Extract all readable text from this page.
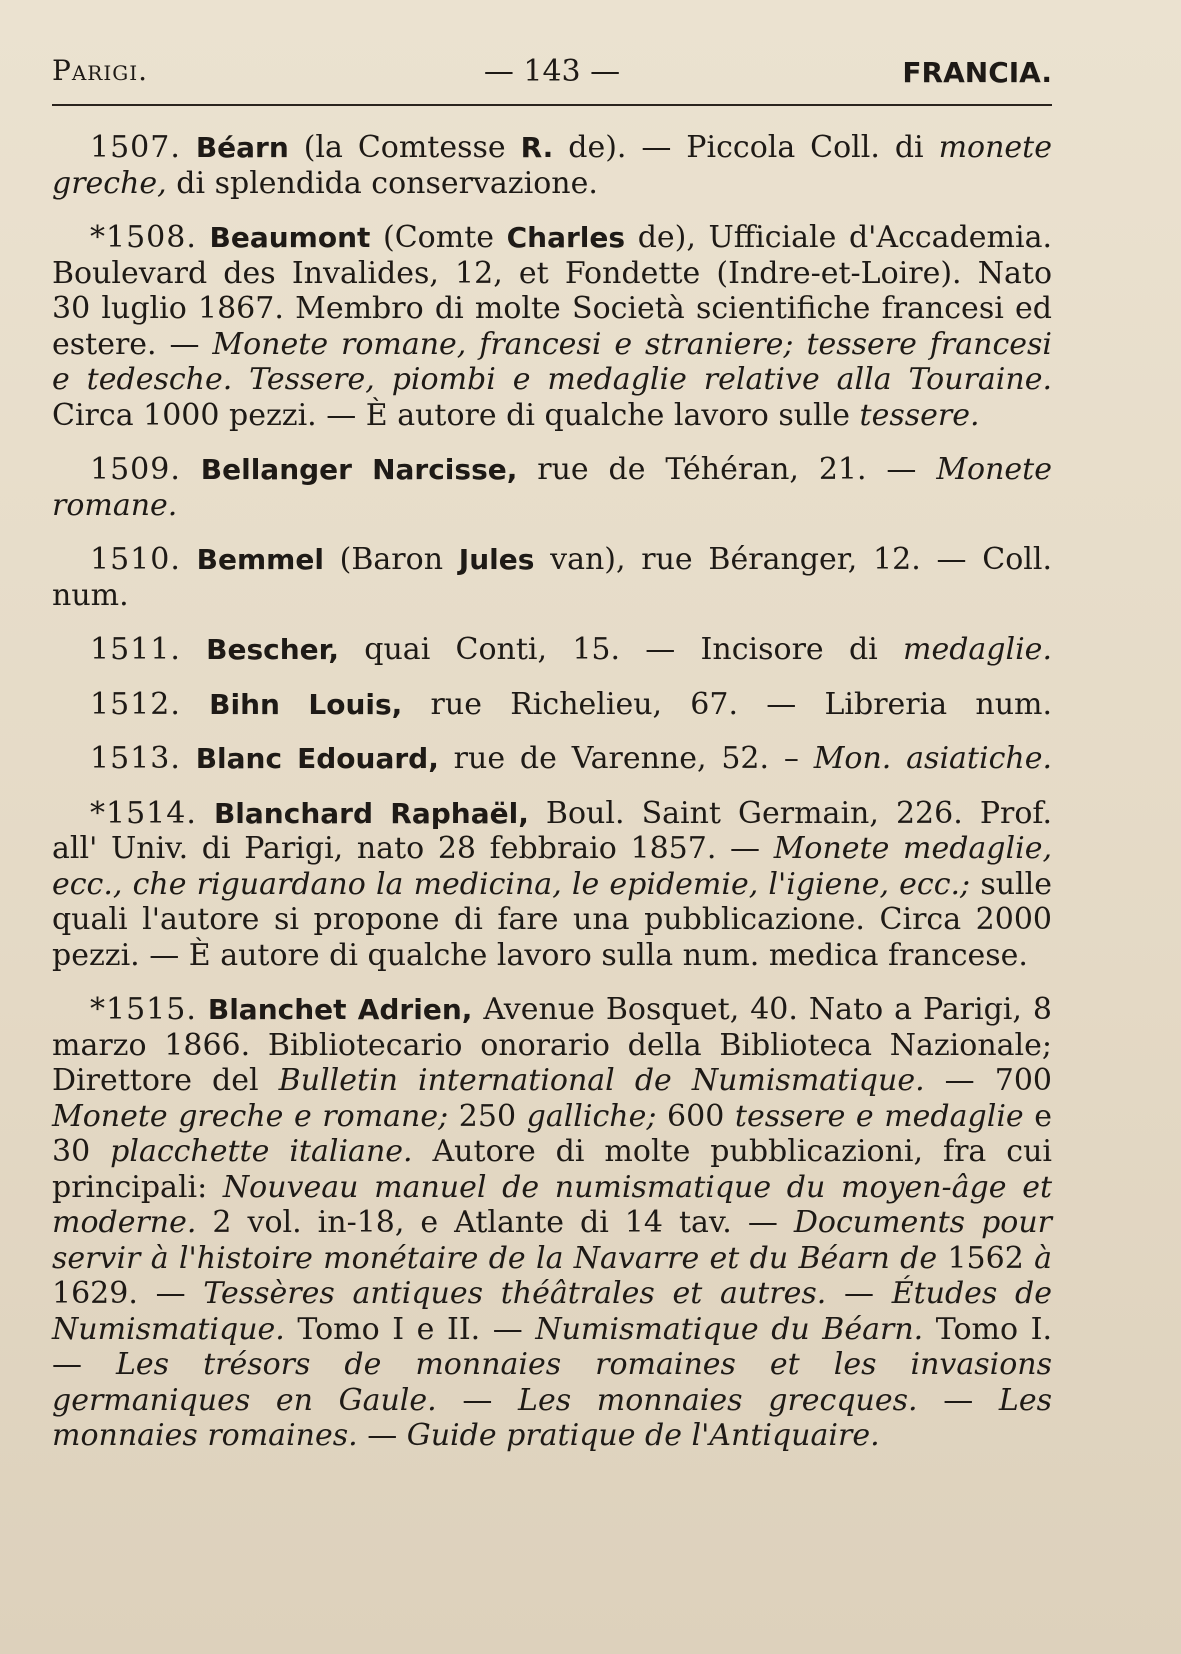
Parigi.	— 143 —	FRANCIA.

1507. Béarn (la Comtesse R. de). — Piccola Coll. di monete greche, di splendida conservazione.

*1508. Beaumont (Comte Charles de), Ufficiale d'Accademia. Boulevard des Invalides, 12, et Fondette (Indre-et-Loire). Nato 30 luglio 1867. Membro di molte Società scientifiche francesi ed estere. — Monete romane, francesi e straniere; tessere francesi e tedesche. Tessere, piombi e medaglie relative alla Touraine. Circa 1000 pezzi. — È autore di qualche lavoro sulle tessere.

1509. Bellanger Narcisse, rue de Téhéran, 21. — Monete romane.

1510. Bemmel (Baron Jules van), rue Béranger, 12. — Coll. num.

1511. Bescher, quai Conti, 15. — Incisore di medaglie.

1512. Bihn Louis, rue Richelieu, 67. — Libreria num.

1513. Blanc Edouard, rue de Varenne, 52. – Mon. asiatiche.

*1514. Blanchard Raphaël, Boul. Saint Germain, 226. Prof. all' Univ. di Parigi, nato 28 febbraio 1857. — Monete medaglie, ecc., che riguardano la medicina, le epidemie, l'igiene, ecc.; sulle quali l'autore si propone di fare una pubblicazione. Circa 2000 pezzi. — È autore di qualche lavoro sulla num. medica francese.

*1515. Blanchet Adrien, Avenue Bosquet, 40. Nato a Parigi, 8 marzo 1866. Bibliotecario onorario della Biblioteca Nazionale; Direttore del Bulletin international de Numismatique. — 700 Monete greche e romane; 250 galliche; 600 tessere e medaglie e 30 placchette italiane. Autore di molte pubblicazioni, fra cui principali: Nouveau manuel de numismatique du moyen-âge et moderne. 2 vol. in-18, e Atlante di 14 tav. — Documents pour servir à l'histoire monétaire de la Navarre et du Béarn de 1562 à 1629. — Tessères antiques théâtrales et autres. — Études de Numismatique. Tomo I e II. — Numismatique du Béarn. Tomo I. — Les trésors de monnaies romaines et les invasions germaniques en Gaule. — Les monnaies grecques. — Les monnaies romaines. — Guide pratique de l'Antiquaire.
